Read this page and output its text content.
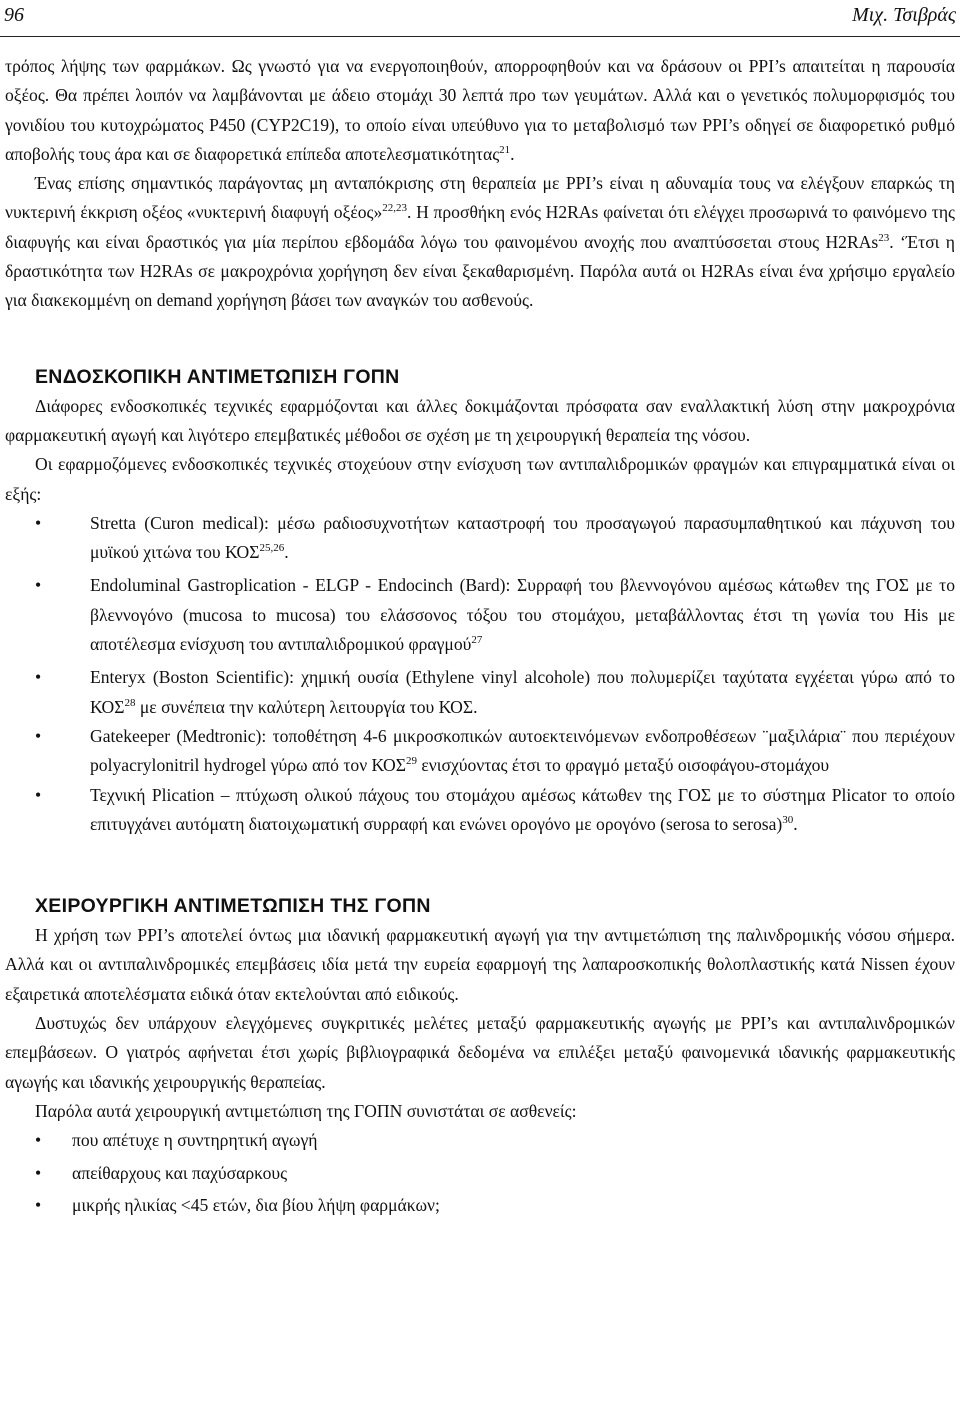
96	Μιχ. Τσιβράς

τρόπος λήψης των φαρμάκων. Ως γνωστό για να ενεργοποιηθούν, απορροφηθούν και να δράσουν οι PPI’s απαιτείται η παρουσία οξέος. Θα πρέπει λοιπόν να λαμβάνονται με άδειο στομάχι 30 λεπτά προ των γευμάτων. Αλλά και ο γενετικός πολυμορφισμός του γονιδίου του κυτοχρώματος P450 (CYP2C19), το οποίο είναι υπεύθυνο για το μεταβολισμό των PPI’s οδηγεί σε διαφορετικό ρυθμό αποβολής τους άρα και σε διαφορετικά επίπεδα αποτελεσματικότητας$^{21}$.

Ένας επίσης σημαντικός παράγοντας μη ανταπόκρισης στη θεραπεία με PPI’s είναι η αδυναμία τους να ελέγξουν επαρκώς τη νυκτερινή έκκριση οξέος «νυκτερινή διαφυγή οξέος»$^{22,23}$. Η προσθήκη ενός H2RAs φαίνεται ότι ελέγχει προσωρινά το φαινόμενο της διαφυγής και είναι δραστικός για μία περίπου εβδομάδα λόγω του φαινομένου ανοχής που αναπτύσσεται στους H2RAs$^{23}$. ‘Έτσι η δραστικότητα των H2RAs σε μακροχρόνια χορήγηση δεν είναι ξεκαθαρισμένη. Παρόλα αυτά οι H2RAs είναι ένα χρήσιμο εργαλείο για διακεκομμένη on demand χορήγηση βάσει των αναγκών του ασθενούς.

ΕΝΔΟΣΚΟΠΙΚΗ ΑΝΤΙΜΕΤΩΠΙΣΗ ΓΟΠΝ

Διάφορες ενδοσκοπικές τεχνικές εφαρμόζονται και άλλες δοκιμάζονται πρόσφατα σαν εναλλακτική λύση στην μακροχρόνια φαρμακευτική αγωγή και λιγότερο επεμβατικές μέθοδοι σε σχέση με τη χειρουργική θεραπεία της νόσου.

Οι εφαρμοζόμενες ενδοσκοπικές τεχνικές στοχεύουν στην ενίσχυση των αντιπαλιδρομικών φραγμών και επιγραμματικά είναι οι εξής:

•	Stretta (Curon medical): μέσω ραδιοσυχνοτήτων καταστροφή του προσαγωγού παρασυμπαθητικού και πάχυνση του μυϊκού χιτώνα του ΚΟΣ$^{25,26}$.
•	Endoluminal Gastroplication - ELGP - Endocinch (Bard): Συρραφή του βλεννογόνου αμέσως κάτωθεν της ΓΟΣ με το βλεννογόνο (mucosa to mucosa) του ελάσσονος τόξου του στομάχου, μεταβάλλοντας έτσι τη γωνία του His με αποτέλεσμα ενίσχυση του αντιπαλιδρομικού φραγμού$^{27}$
•	Enteryx (Boston Scientific): χημική ουσία (Ethylene vinyl alcohole) που πολυμερίζει ταχύτατα εγχέεται γύρω από το ΚΟΣ$^{28}$ με συνέπεια την καλύτερη λειτουργία του ΚΟΣ.
•	Gatekeeper (Medtronic): τοποθέτηση 4-6 μικροσκοπικών αυτοεκτεινόμενων ενδοπροθέσεων ¨μαξιλάρια¨ που περιέχουν polyacrylonitril hydrogel γύρω από τον ΚΟΣ$^{29}$ ενισχύοντας έτσι το φραγμό μεταξύ οισοφάγου-στομάχου
•	Τεχνική Plication – πτύχωση ολικού πάχους του στομάχου αμέσως κάτωθεν της ΓΟΣ με το σύστημα Plicator το οποίο επιτυγχάνει αυτόματη διατοιχωματική συρραφή και ενώνει ορογόνο με ορογόνο (serosa to serosa)$^{30}$.
ΧΕΙΡΟΥΡΓΙΚΗ ΑΝΤΙΜΕΤΩΠΙΣΗ ΤΗΣ ΓΟΠΝ

Η χρήση των PPI’s αποτελεί όντως μια ιδανική φαρμακευτική αγωγή για την αντιμετώπιση της παλινδρομικής νόσου σήμερα. Αλλά και οι αντιπαλινδρομικές επεμβάσεις ιδία μετά την ευρεία εφαρμογή της λαπαροσκοπικής θολοπλαστικής κατά Nissen έχουν εξαιρετικά αποτελέσματα ειδικά όταν εκτελούνται από ειδικούς.

Δυστυχώς δεν υπάρχουν ελεγχόμενες συγκριτικές μελέτες μεταξύ φαρμακευτικής αγωγής με PPI’s και αντιπαλινδρομικών επεμβάσεων. Ο γιατρός αφήνεται έτσι χωρίς βιβλιογραφικά δεδομένα να επιλέξει μεταξύ φαινομενικά ιδανικής φαρμακευτικής αγωγής και ιδανικής χειρουργικής θεραπείας.

Παρόλα αυτά χειρουργική αντιμετώπιση της ΓΟΠΝ συνιστάται σε ασθενείς:

• που απέτυχε η συντηρητική αγωγή
• απείθαρχους και παχύσαρκους
• μικρής ηλικίας <45 ετών, δια βίου λήψη φαρμάκων;
